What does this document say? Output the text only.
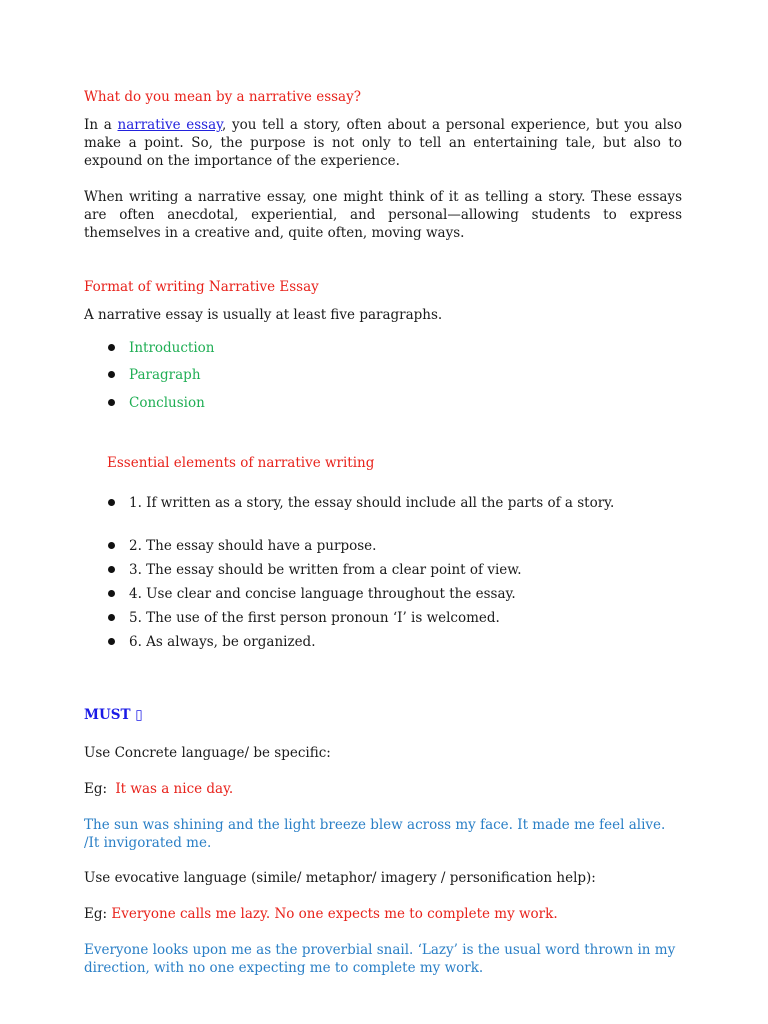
What do you mean by a narrative essay?
In a narrative essay, you tell a story, often about a personal experience, but you also make a point. So, the purpose is not only to tell an entertaining tale, but also to expound on the importance of the experience.
When writing a narrative essay, one might think of it as telling a story. These essays are often anecdotal, experiential, and personal—allowing students to express themselves in a creative and, quite often, moving ways.
Format of writing Narrative Essay
A narrative essay is usually at least five paragraphs.
Introduction
Paragraph
Conclusion
Essential elements of narrative writing
1. If written as a story, the essay should include all the parts of a story.
2. The essay should have a purpose.
3. The essay should be written from a clear point of view.
4. Use clear and concise language throughout the essay.
5. The use of the first person pronoun ‘I’ is welcomed.
6. As always, be organized.
MUST ▯
Use Concrete language/ be specific:
Eg: It was a nice day.
The sun was shining and the light breeze blew across my face. It made me feel alive. /It invigorated me.
Use evocative language (simile/ metaphor/ imagery / personification help):
Eg: Everyone calls me lazy. No one expects me to complete my work.
Everyone looks upon me as the proverbial snail. ‘Lazy’ is the usual word thrown in my direction, with no one expecting me to complete my work.
